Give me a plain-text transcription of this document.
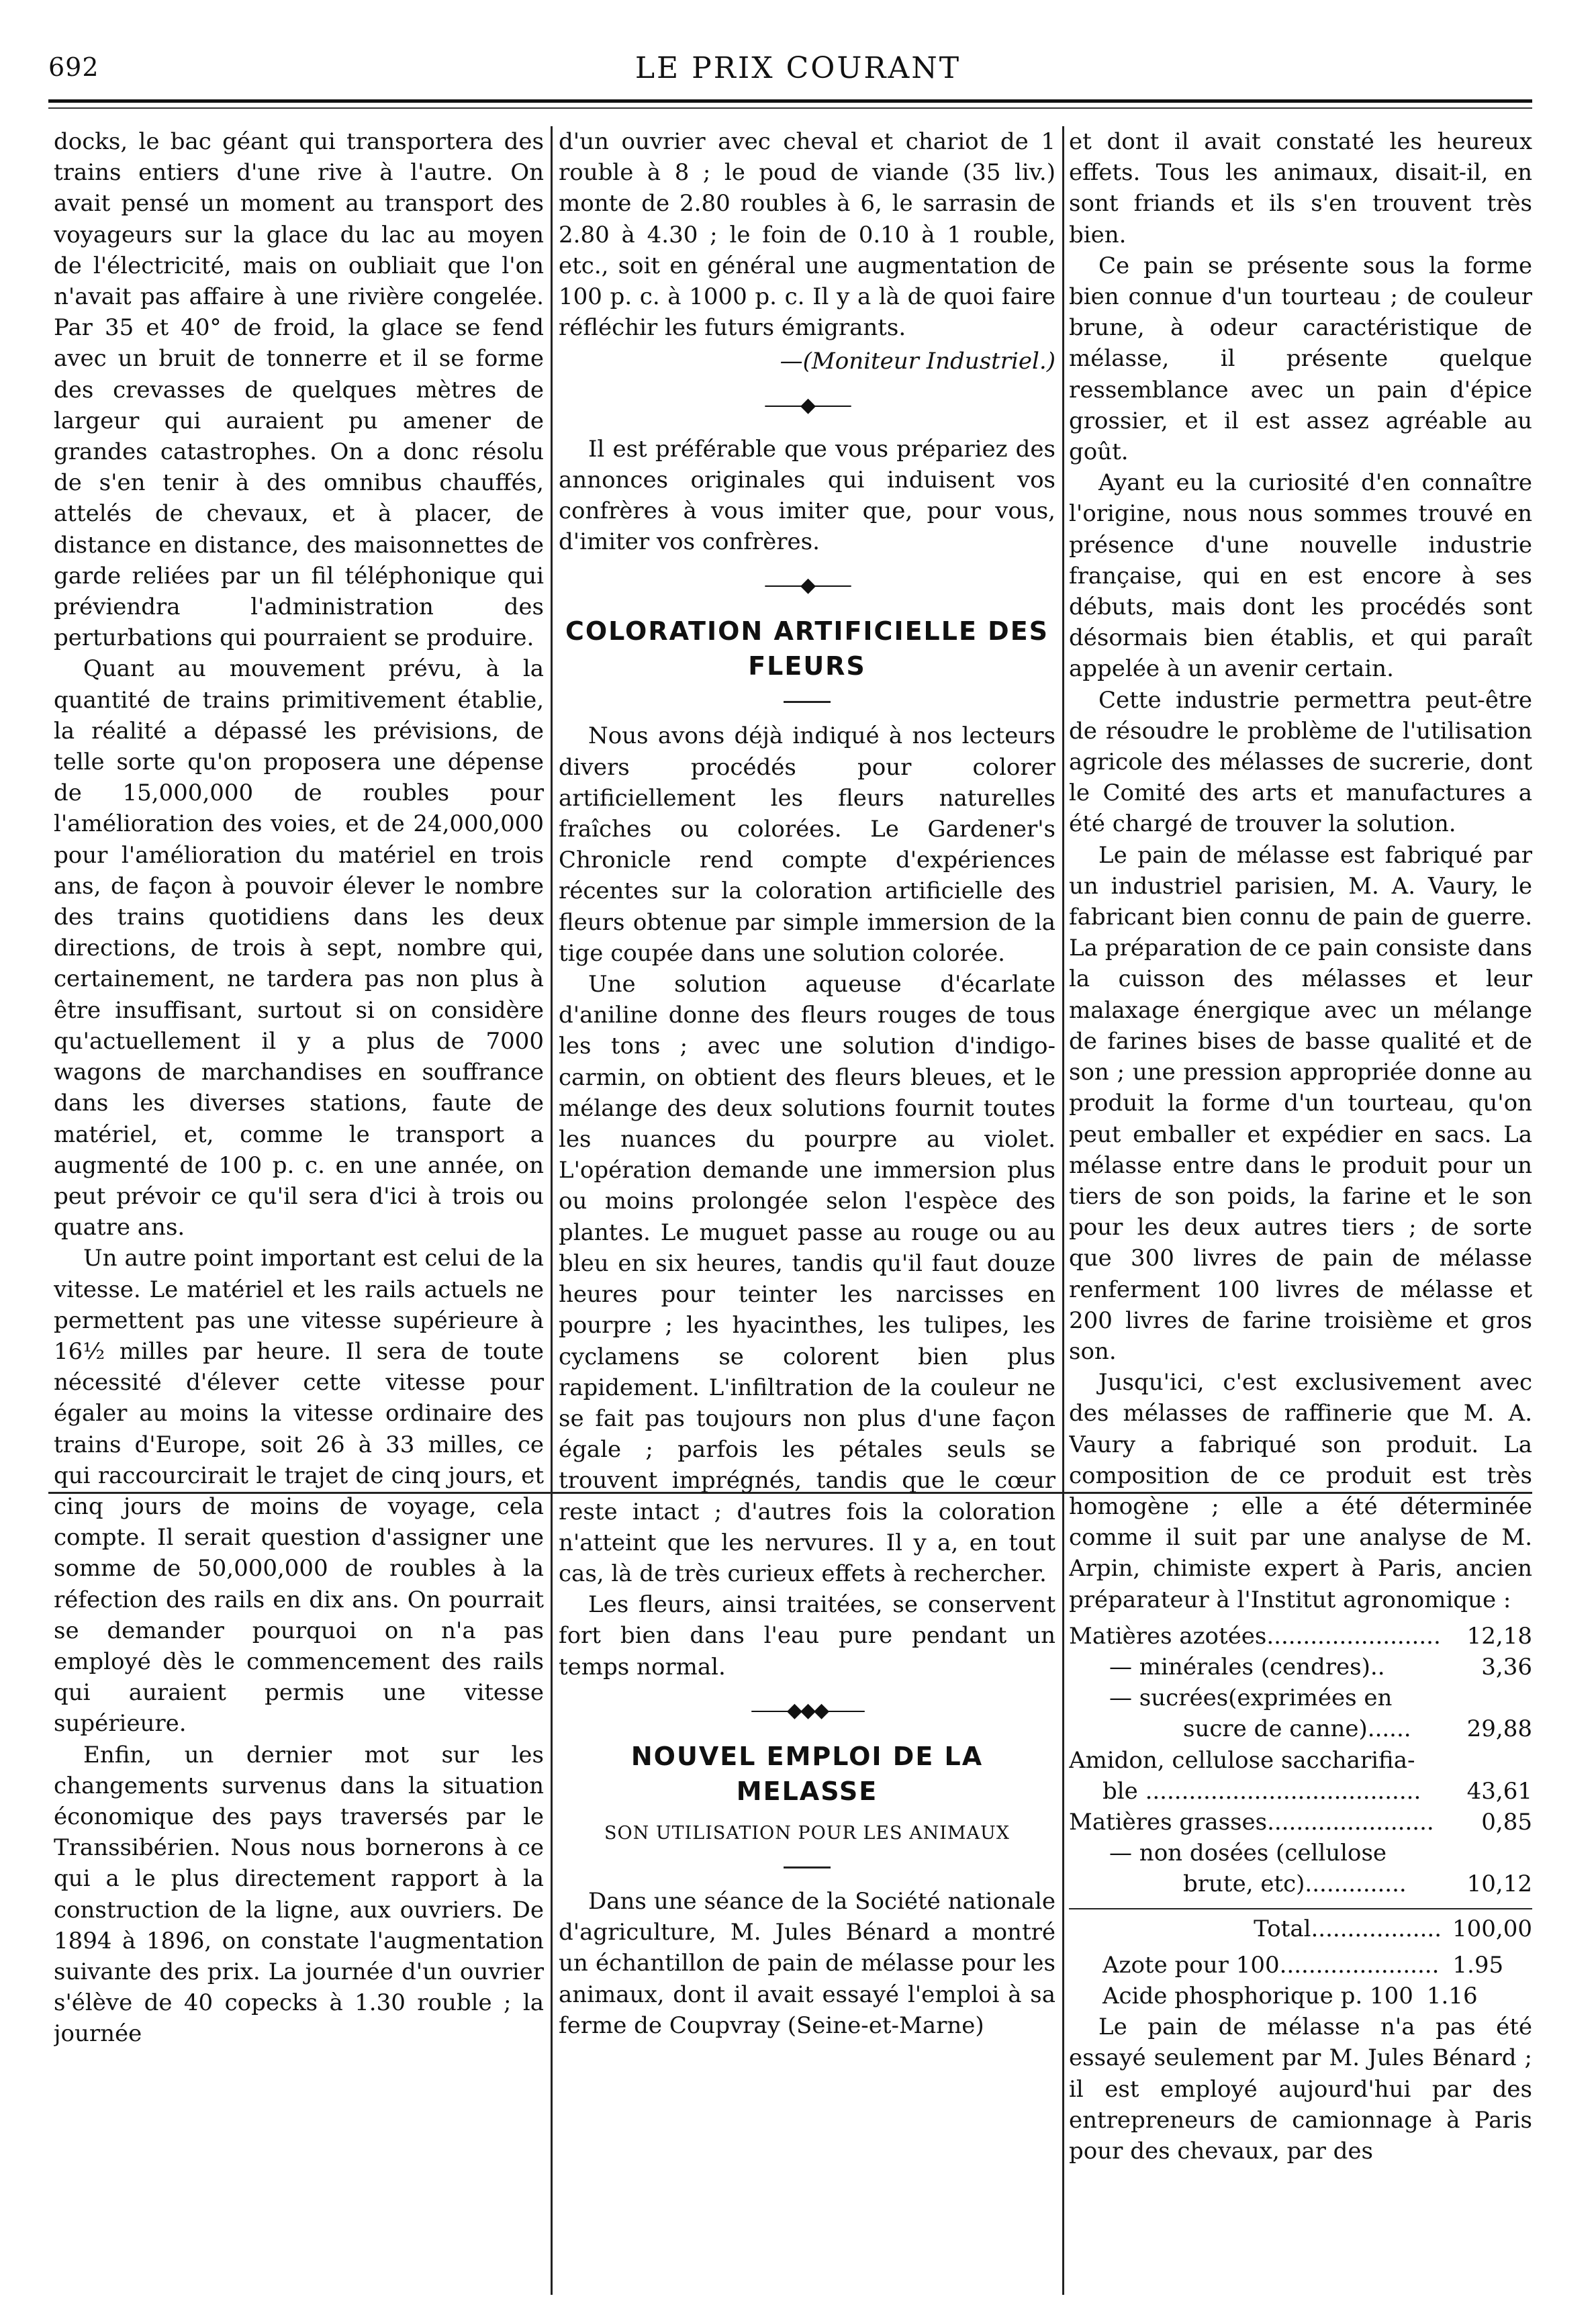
692	LE PRIX COURANT

docks, le bac géant qui transportera des trains entiers d'une rive à l'autre. On avait pensé un moment au transport des voyageurs sur la glace du lac au moyen de l'électricité, mais on oubliait que l'on n'avait pas affaire à une rivière congelée. Par 35 et 40° de froid, la glace se fend avec un bruit de tonnerre et il se forme des crevasses de quelques mètres de largeur qui auraient pu amener de grandes catastrophes. On a donc résolu de s'en tenir à des omnibus chauffés, attelés de chevaux, et à placer, de distance en distance, des maisonnettes de garde reliées par un fil téléphonique qui préviendra l'administration des perturbations qui pourraient se produire.

Quant au mouvement prévu, à la quantité de trains primitivement établie, la réalité a dépassé les prévisions, de telle sorte qu'on proposera une dépense de 15,000,000 de roubles pour l'amélioration des voies, et de 24,000,000 pour l'amélioration du matériel en trois ans, de façon à pouvoir élever le nombre des trains quotidiens dans les deux directions, de trois à sept, nombre qui, certainement, ne tardera pas non plus à être insuffisant, surtout si on considère qu'actuellement il y a plus de 7000 wagons de marchandises en souffrance dans les diverses stations, faute de matériel, et, comme le transport a augmenté de 100 p. c. en une année, on peut prévoir ce qu'il sera d'ici à trois ou quatre ans.

Un autre point important est celui de la vitesse. Le matériel et les rails actuels ne permettent pas une vitesse supérieure à 16½ milles par heure. Il sera de toute nécessité d'élever cette vitesse pour égaler au moins la vitesse ordinaire des trains d'Europe, soit 26 à 33 milles, ce qui raccourcirait le trajet de cinq jours, et cinq jours de moins de voyage, cela compte. Il serait question d'assigner une somme de 50,000,000 de roubles à la réfection des rails en dix ans. On pourrait se demander pourquoi on n'a pas employé dès le commencement des rails qui auraient permis une vitesse supérieure.

Enfin, un dernier mot sur les changements survenus dans la situation économique des pays traversés par le Transsibérien. Nous nous bornerons à ce qui a le plus directement rapport à la construction de la ligne, aux ouvriers. De 1894 à 1896, on constate l'augmentation suivante des prix. La journée d'un ouvrier s'élève de 40 copecks à 1.30 rouble ; la journée

d'un ouvrier avec cheval et chariot de 1 rouble à 8 ; le poud de viande (35 liv.) monte de 2.80 roubles à 6, le sarrasin de 2.80 à 4.30 ; le foin de 0.10 à 1 rouble, etc., soit en général une augmentation de 100 p. c. à 1000 p. c. Il y a là de quoi faire réfléchir les futurs émigrants.

—(Moniteur Industriel.)
——◆——

Il est préférable que vous prépariez des annonces originales qui induisent vos confrères à vous imiter que, pour vous, d'imiter vos confrères.

——◆——
COLORATION ARTIFICIELLE DES FLEURS

Nous avons déjà indiqué à nos lecteurs divers procédés pour colorer artificiellement les fleurs naturelles fraîches ou colorées. Le Gardener's Chronicle rend compte d'expériences récentes sur la coloration artificielle des fleurs obtenue par simple immersion de la tige coupée dans une solution colorée.

Une solution aqueuse d'écarlate d'aniline donne des fleurs rouges de tous les tons ; avec une solution d'indigo-carmin, on obtient des fleurs bleues, et le mélange des deux solutions fournit toutes les nuances du pourpre au violet. L'opération demande une immersion plus ou moins prolongée selon l'espèce des plantes. Le muguet passe au rouge ou au bleu en six heures, tandis qu'il faut douze heures pour teinter les narcisses en pourpre ; les hyacinthes, les tulipes, les cyclamens se colorent bien plus rapidement. L'infiltration de la couleur ne se fait pas toujours non plus d'une façon égale ; parfois les pétales seuls se trouvent imprégnés, tandis que le cœur reste intact ; d'autres fois la coloration n'atteint que les nervures. Il y a, en tout cas, là de très curieux effets à rechercher.

Les fleurs, ainsi traitées, se conservent fort bien dans l'eau pure pendant un temps normal.

——◆◆◆——
NOUVEL EMPLOI DE LA MELASSE
SON UTILISATION POUR LES ANIMAUX

Dans une séance de la Société nationale d'agriculture, M. Jules Bénard a montré un échantillon de pain de mélasse pour les animaux, dont il avait essayé l'emploi à sa ferme de Coupvray (Seine-et-Marne)

et dont il avait constaté les heureux effets. Tous les animaux, disait-il, en sont friands et ils s'en trouvent très bien.

Ce pain se présente sous la forme bien connue d'un tourteau ; de couleur brune, à odeur caractéristique de mélasse, il présente quelque ressemblance avec un pain d'épice grossier, et il est assez agréable au goût.

Ayant eu la curiosité d'en connaître l'origine, nous nous sommes trouvé en présence d'une nouvelle industrie française, qui en est encore à ses débuts, mais dont les procédés sont désormais bien établis, et qui paraît appelée à un avenir certain.

Cette industrie permettra peut-être de résoudre le problème de l'utilisation agricole des mélasses de sucrerie, dont le Comité des arts et manufactures a été chargé de trouver la solution.

Le pain de mélasse est fabriqué par un industriel parisien, M. A. Vaury, le fabricant bien connu de pain de guerre. La préparation de ce pain consiste dans la cuisson des mélasses et leur malaxage énergique avec un mélange de farines bises de basse qualité et de son ; une pression appropriée donne au produit la forme d'un tourteau, qu'on peut emballer et expédier en sacs. La mélasse entre dans le produit pour un tiers de son poids, la farine et le son pour les deux autres tiers ; de sorte que 300 livres de pain de mélasse renferment 100 livres de mélasse et 200 livres de farine troisième et gros son.

Jusqu'ici, c'est exclusivement avec des mélasses de raffinerie que M. A. Vaury a fabriqué son produit. La composition de ce produit est très homogène ; elle a été déterminée comme il suit par une analyse de M. Arpin, chimiste expert à Paris, ancien préparateur à l'Institut agronomique :

Matières azotées........................ 12,18
— minérales (cendres)..	3,36
— sucrées(exprimées en
sucre de canne)...... 29,88
Amidon, cellulose saccharifia-
ble ...................................... 43,61
Matières grasses....................... 0,85
— non dosées (cellulose
brute, etc)..............	10,12
Total.................. 100,00
Azote pour 100...................... 1.95
Acide phosphorique p. 100 1.16

Le pain de mélasse n'a pas été essayé seulement par M. Jules Bénard ; il est employé aujourd'hui par des entrepreneurs de camionnage à Paris pour des chevaux, par des
